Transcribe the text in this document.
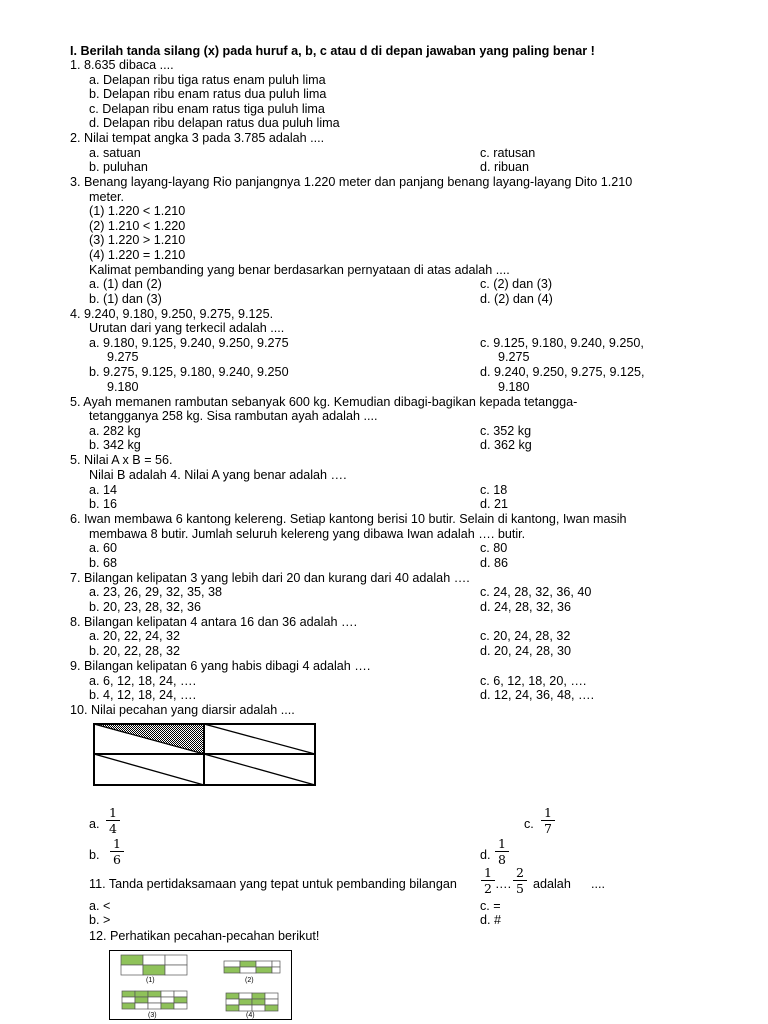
I. Berilah tanda silang (x) pada huruf a, b, c atau d di depan jawaban yang paling benar !
1. 8.635 dibaca ....
a. Delapan ribu tiga ratus enam puluh lima
b. Delapan ribu enam ratus dua puluh lima
c. Delapan ribu enam ratus tiga puluh lima
d. Delapan ribu delapan ratus dua puluh lima
2. Nilai tempat angka 3 pada 3.785 adalah ....
a. satuan	c. ratusan
b. puluhan	d. ribuan
3. Benang layang-layang Rio panjangnya 1.220 meter dan panjang benang layang-layang Dito 1.210
meter.
(1) 1.220 < 1.210
(2) 1.210 < 1.220
(3) 1.220 > 1.210
(4) 1.220 = 1.210
Kalimat pembanding yang benar berdasarkan pernyataan di atas adalah ....
a. (1) dan (2)	c. (2) dan (3)
b. (1) dan (3)	d. (2) dan (4)
4. 9.240, 9.180, 9.250, 9.275, 9.125.
Urutan dari yang terkecil adalah ....
a. 9.180, 9.125, 9.240, 9.250, 9.275	c. 9.125, 9.180, 9.240, 9.250,
9.275	9.275
b. 9.275, 9.125, 9.180, 9.240, 9.250	d. 9.240, 9.250, 9.275, 9.125,
9.180	9.180
5. Ayah memanen rambutan sebanyak 600 kg. Kemudian dibagi-bagikan kepada tetangga-
tetangganya 258 kg. Sisa rambutan ayah adalah ....
a. 282 kg	c. 352 kg
b. 342 kg	d. 362 kg
5. Nilai A x B = 56.
Nilai B adalah 4. Nilai A yang benar adalah ….
a. 14	c. 18
b. 16	d. 21
6. Iwan membawa 6 kantong kelereng. Setiap kantong berisi 10 butir. Selain di kantong, Iwan masih
membawa 8 butir. Jumlah seluruh kelereng yang dibawa Iwan adalah …. butir.
a. 60	c. 80
b. 68	d. 86
7. Bilangan kelipatan 3 yang lebih dari 20 dan kurang dari 40 adalah ….
a. 23, 26, 29, 32, 35, 38	c. 24, 28, 32, 36, 40
b. 20, 23, 28, 32, 36	d. 24, 28, 32, 36
8. Bilangan kelipatan 4 antara 16 dan 36 adalah ….
a. 20, 22, 24, 32	c. 20, 24, 28, 32
b. 20, 22, 28, 32	d. 20, 24, 28, 30
9. Bilangan kelipatan 6 yang habis dibagi 4 adalah ….
a. 6, 12, 18, 24, ….	c. 6, 12, 18, 20, ….
b. 4, 12, 18, 24, ….	d. 12, 24, 36, 48, ….
10. Nilai pecahan yang diarsir adalah ....
a.
1
4	c.
1
7
b.
1
6	d.
1
8
11. Tanda pertidaksamaan yang tepat untuk pembanding bilangan
1
2 ….
2
5 adalah ....
a. <	c. =
b. >	d. #
12. Perhatikan pecahan-pecahan berikut!
(1)	(2)
(3)	(4)
